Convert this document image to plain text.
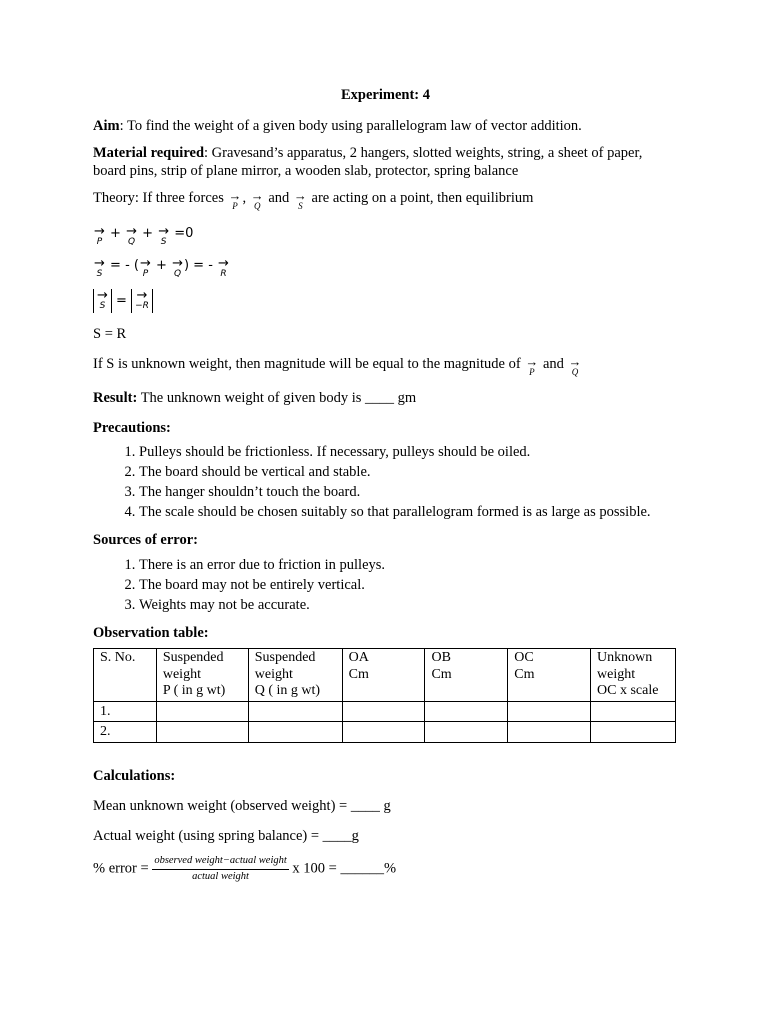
Experiment: 4

Aim: To find the weight of a given body using parallelogram law of vector addition.

Material required: Gravesand’s apparatus, 2 hangers, slotted weights, string, a sheet of paper, board pins, strip of plane mirror, a wooden slab, protector, spring balance

Theory: If three forces →
P , →
Q and →
S are acting on a point, then equilibrium

→
P
+ →
Q
+ →
S
=0
→
S
= - ( →
P
+ →
Q
) = - →
R
→
S = →
−R

S = R

If S is unknown weight, then magnitude will be equal to the magnitude of →
P and →
Q

Result: The unknown weight of given body is ____ gm

Precautions:

1. Pulleys should be frictionless. If necessary, pulleys should be oiled.
2. The board should be vertical and stable.
3. The hanger shouldn’t touch the board.
4. The scale should be chosen suitably so that parallelogram formed is as large as possible.

Sources of error:

1. There is an error due to friction in pulleys.
2. The board may not be entirely vertical.
3. Weights may not be accurate.

Observation table:

S. No.	Suspended
weight
P ( in g wt)	Suspended
weight
Q ( in g wt)	OA
Cm	OB
Cm	OC
Cm	Unknown
weight
OC x scale

1.						
2.						

Calculations:

Mean unknown weight (observed weight) = ____ g

Actual weight (using spring balance) = ____g

% error = $\frac{\text{observed weight−actual weight}}{\text{actual weight}}$ x 100 = ______%
